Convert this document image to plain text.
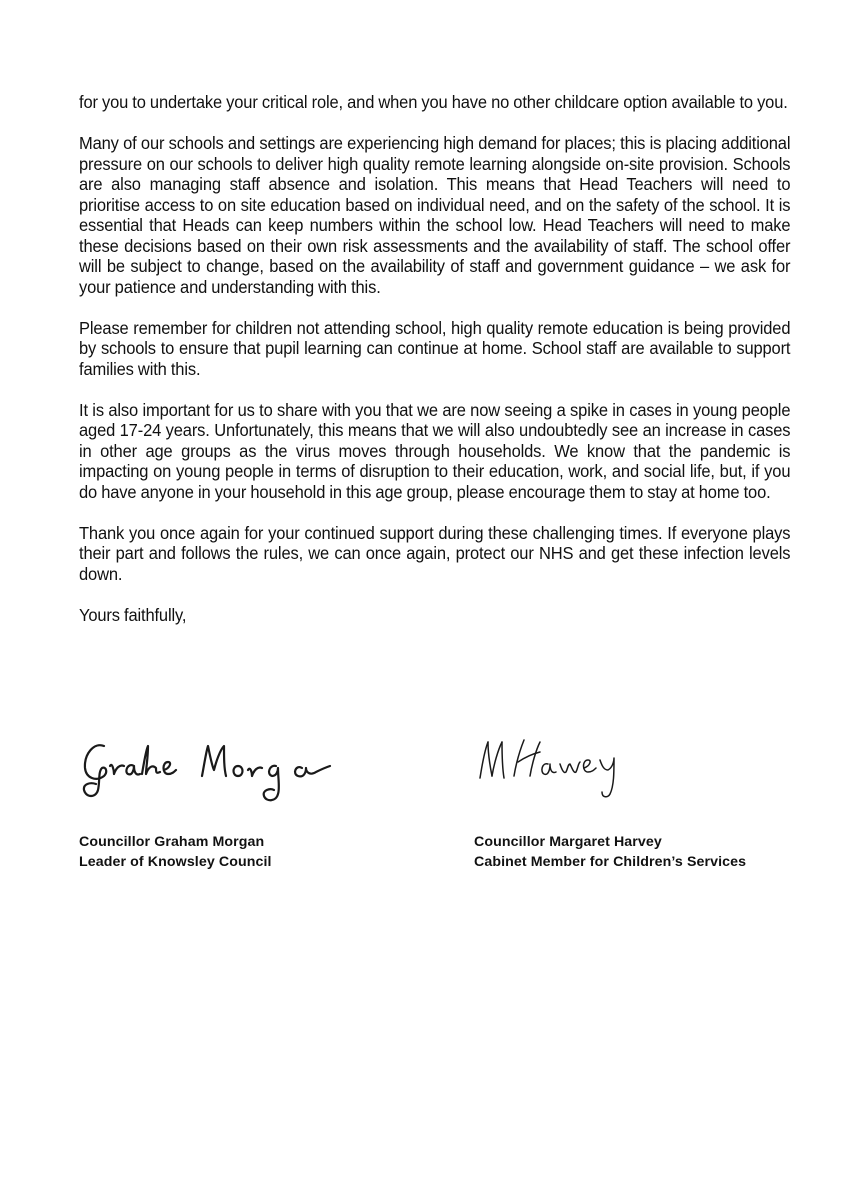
for you to undertake your critical role, and when you have no other childcare option available to you.

Many of our schools and settings are experiencing high demand for places; this is placing additional pressure on our schools to deliver high quality remote learning alongside on-site provision. Schools are also managing staff absence and isolation. This means that Head Teachers will need to prioritise access to on site education based on individual need, and on the safety of the school. It is essential that Heads can keep numbers within the school low. Head Teachers will need to make these decisions based on their own risk assessments and the availability of staff. The school offer will be subject to change, based on the availability of staff and government guidance – we ask for your patience and understanding with this.

Please remember for children not attending school, high quality remote education is being provided by schools to ensure that pupil learning can continue at home. School staff are available to support families with this.

It is also important for us to share with you that we are now seeing a spike in cases in young people aged 17-24 years. Unfortunately, this means that we will also undoubtedly see an increase in cases in other age groups as the virus moves through households. We know that the pandemic is impacting on young people in terms of disruption to their education, work, and social life, but, if you do have anyone in your household in this age group, please encourage them to stay at home too.

Thank you once again for your continued support during these challenging times. If everyone plays their part and follows the rules, we can once again, protect our NHS and get these infection levels down.

Yours faithfully,

Councillor Graham Morgan
Leader of Knowsley Council
Councillor Margaret Harvey
Cabinet Member for Children’s Services
